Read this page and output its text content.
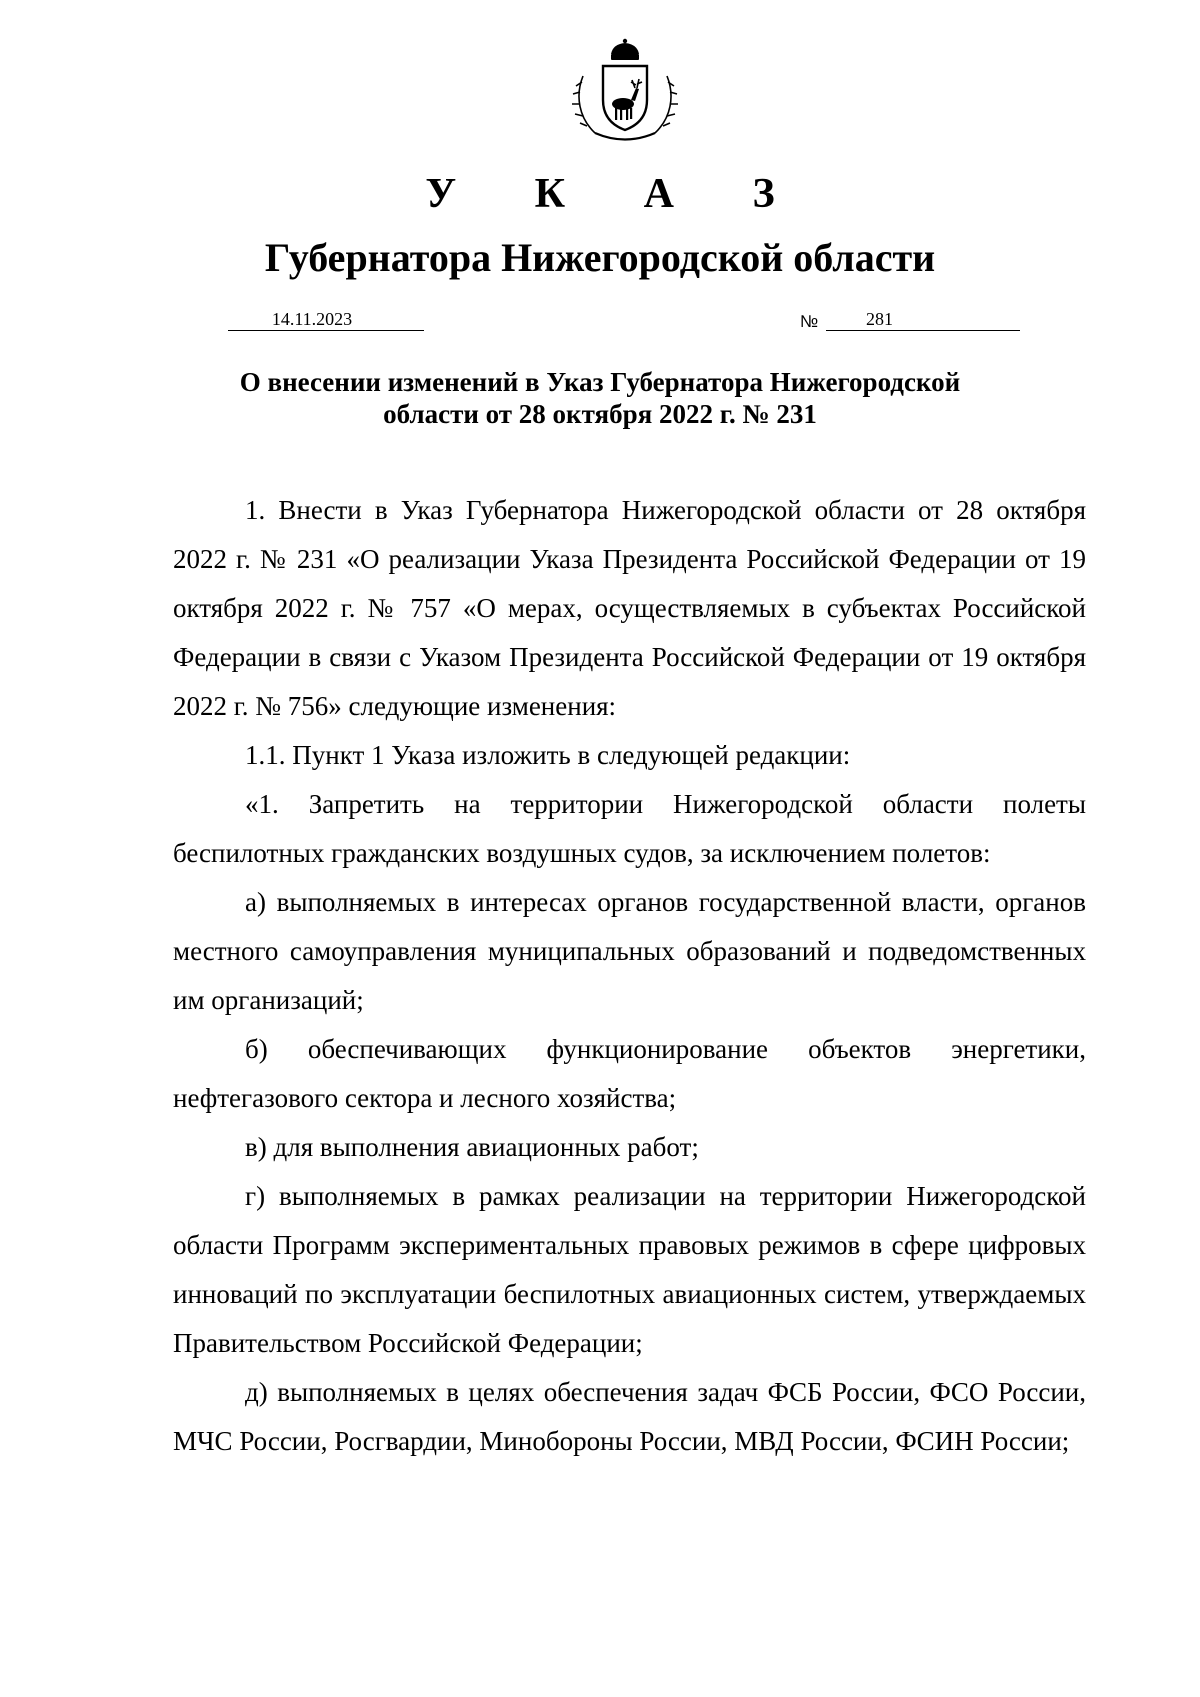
У К А З
Губернатора Нижегородской области
14.11.2023	№	281
О внесении изменений в Указ Губернатора Нижегородской
области от 28 октября 2022 г. № 231

1. Внести в Указ Губернатора Нижегородской области от 28 октября 2022 г. № 231 «О реализации Указа Президента Российской Федерации от 19 октября 2022 г. № 757 «О мерах, осуществляемых в субъектах Российской Федерации в связи с Указом Президента Российской Федерации от 19 октября 2022 г. № 756» следующие изменения:

1.1. Пункт 1 Указа изложить в следующей редакции:

«1. Запретить на территории Нижегородской области полеты беспилотных гражданских воздушных судов, за исключением полетов:

а) выполняемых в интересах органов государственной власти, органов местного самоуправления муниципальных образований и подведомственных им организаций;

б) обеспечивающих функционирование объектов энергетики, нефтегазового сектора и лесного хозяйства;

в) для выполнения авиационных работ;

г) выполняемых в рамках реализации на территории Нижегородской области Программ экспериментальных правовых режимов в сфере цифровых инноваций по эксплуатации беспилотных авиационных систем, утверждаемых Правительством Российской Федерации;

д) выполняемых в целях обеспечения задач ФСБ России, ФСО России, МЧС России, Росгвардии, Минобороны России, МВД России, ФСИН России;
